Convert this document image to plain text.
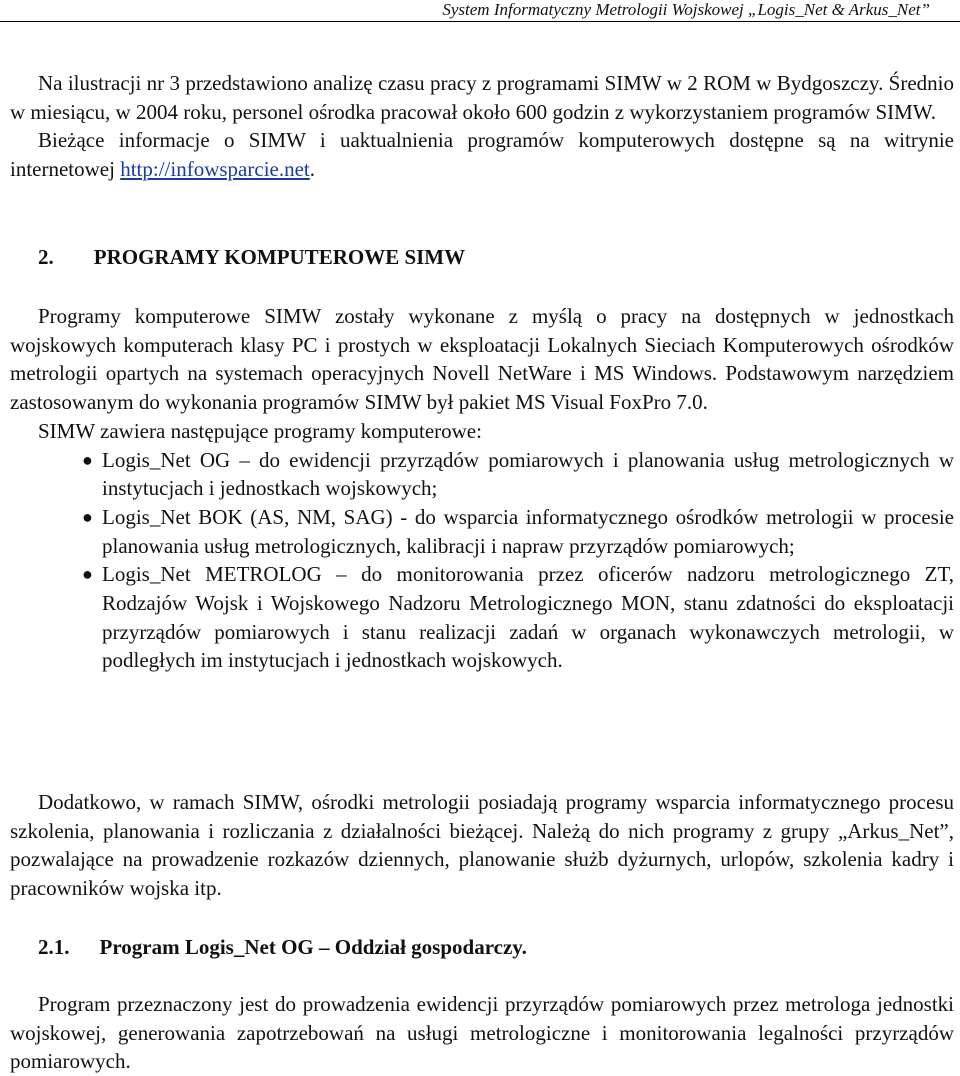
System Informatyczny Metrologii Wojskowej „Logis_Net & Arkus_Net”

Na ilustracji nr 3 przedstawiono analizę czasu pracy z programami SIMW w 2 ROM w Bydgoszczy. Średnio w miesiącu, w 2004 roku, personel ośrodka pracował około 600 godzin z wykorzystaniem programów SIMW.

Bieżące informacje o SIMW i uaktualnienia programów komputerowych dostępne są na witrynie internetowej http://infowsparcie.net.

2. PROGRAMY KOMPUTEROWE SIMW

Programy komputerowe SIMW zostały wykonane z myślą o pracy na dostępnych w jednostkach wojskowych komputerach klasy PC i prostych w eksploatacji Lokalnych Sieciach Komputerowych ośrodków metrologii opartych na systemach operacyjnych Novell NetWare i MS Windows. Podstawowym narzędziem zastosowanym do wykonania programów SIMW był pakiet MS Visual FoxPro 7.0.

SIMW zawiera następujące programy komputerowe:

● Logis_Net OG – do ewidencji przyrządów pomiarowych i planowania usług metrologicznych w instytucjach i jednostkach wojskowych;
● Logis_Net BOK (AS, NM, SAG) - do wsparcia informatycznego ośrodków metrologii w procesie planowania usług metrologicznych, kalibracji i napraw przyrządów pomiarowych;
● Logis_Net METROLOG – do monitorowania przez oficerów nadzoru metrologicznego ZT, Rodzajów Wojsk i Wojskowego Nadzoru Metrologicznego MON, stanu zdatności do eksploatacji przyrządów pomiarowych i stanu realizacji zadań w organach wykonawczych metrologii, w podległych im instytucjach i jednostkach wojskowych.

Dodatkowo, w ramach SIMW, ośrodki metrologii posiadają programy wsparcia informatycznego procesu szkolenia, planowania i rozliczania z działalności bieżącej. Należą do nich programy z grupy „Arkus_Net”, pozwalające na prowadzenie rozkazów dziennych, planowanie służb dyżurnych, urlopów, szkolenia kadry i pracowników wojska itp.

2.1. Program Logis_Net OG – Oddział gospodarczy.

Program przeznaczony jest do prowadzenia ewidencji przyrządów pomiarowych przez metrologa jednostki wojskowej, generowania zapotrzebowań na usługi metrologiczne i monitorowania legalności przyrządów pomiarowych.
